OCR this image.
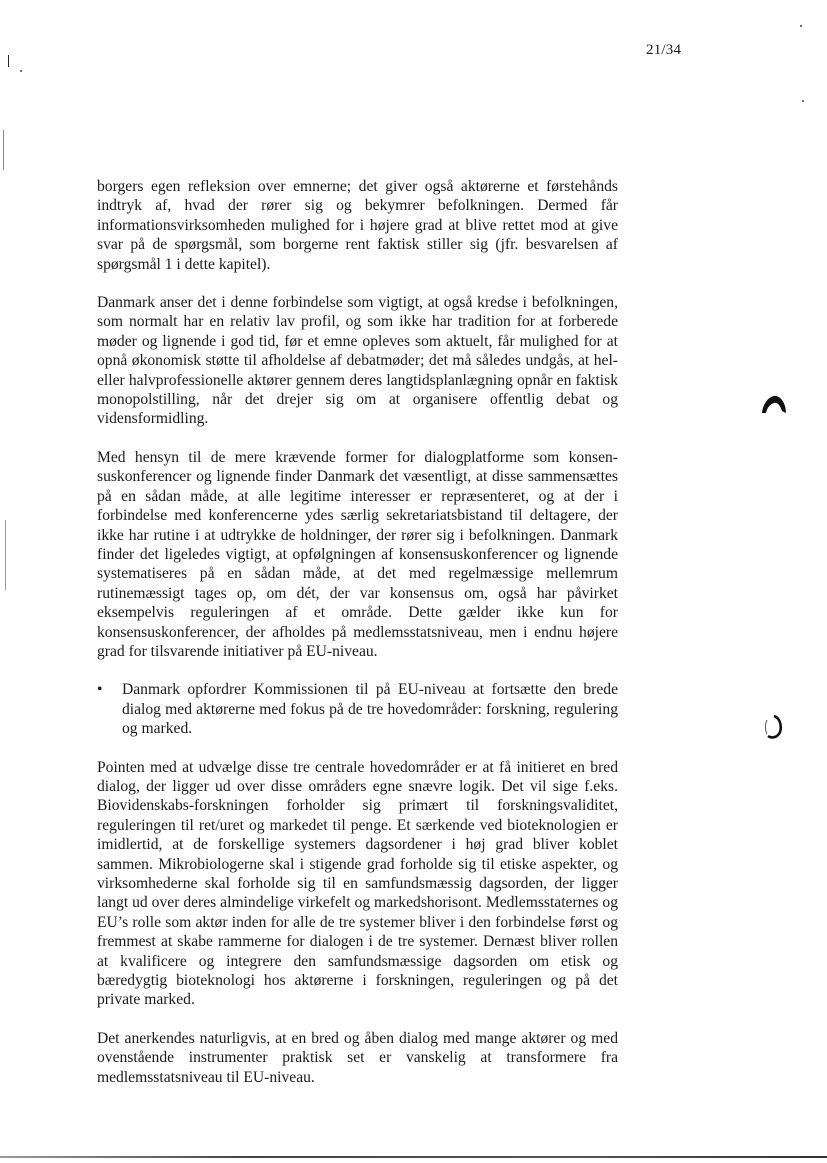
21/34

borgers egen refleksion over emnerne; det giver også aktørerne et førstehånds indtryk af, hvad der rører sig og bekymrer befolkningen. Dermed får informationsvirksomheden mulighed for i højere grad at blive rettet mod at give svar på de spørgsmål, som borgerne rent faktisk stiller sig (jfr. besvarelsen af spørgsmål 1 i dette kapitel).

Danmark anser det i denne forbindelse som vigtigt, at også kredse i befolkningen, som normalt har en relativ lav profil, og som ikke har tradition for at forberede møder og lignende i god tid, før et emne opleves som aktuelt, får mulighed for at opnå økonomisk støtte til afholdelse af debatmøder; det må således undgås, at hel- eller halvprofessionelle aktører gennem deres langtidsplanlægning opnår en faktisk monopolstilling, når det drejer sig om at organisere offentlig debat og vidensformidling.

Med hensyn til de mere krævende former for dialogplatforme som konsensuskonferencer og lignende finder Danmark det væsentligt, at disse sammensættes på en sådan måde, at alle legitime interesser er repræsenteret, og at der i forbindelse med konferencerne ydes særlig sekretariatsbistand til deltagere, der ikke har rutine i at udtrykke de holdninger, der rører sig i befolkningen. Danmark finder det ligeledes vigtigt, at opfølgningen af konsensuskonferencer og lignende systematiseres på en sådan måde, at det med regelmæssige mellemrum rutinemæssigt tages op, om dét, der var konsensus om, også har påvirket eksempelvis reguleringen af et område. Dette gælder ikke kun for konsensuskonferencer, der afholdes på medlemsstatsniveau, men i endnu højere grad for tilsvarende initiativer på EU-niveau.

•	Danmark opfordrer Kommissionen til på EU-niveau at fortsætte den brede dialog med aktørerne med fokus på de tre hovedområder: forskning, regulering og marked.

Pointen med at udvælge disse tre centrale hovedområder er at få initieret en bred dialog, der ligger ud over disse områders egne snævre logik. Det vil sige f.eks. Biovidenskabs-forskningen forholder sig primært til forskningsvaliditet, reguleringen til ret/uret og markedet til penge. Et særkende ved bioteknologien er imidlertid, at de forskellige systemers dagsordener i høj grad bliver koblet sammen. Mikrobiologerne skal i stigende grad forholde sig til etiske aspekter, og virksomhederne skal forholde sig til en samfundsmæssig dagsorden, der ligger langt ud over deres almindelige virkefelt og markedshorisont. Medlemsstaternes og EU’s rolle som aktør inden for alle de tre systemer bliver i den forbindelse først og fremmest at skabe rammerne for dialogen i de tre systemer. Dernæst bliver rollen at kvalificere og integrere den samfundsmæssige dagsorden om etisk og bæredygtig bioteknologi hos aktørerne i forskningen, reguleringen og på det private marked.

Det anerkendes naturligvis, at en bred og åben dialog med mange aktører og med ovenstående instrumenter praktisk set er vanskelig at transformere fra medlemsstatsniveau til EU-niveau.
